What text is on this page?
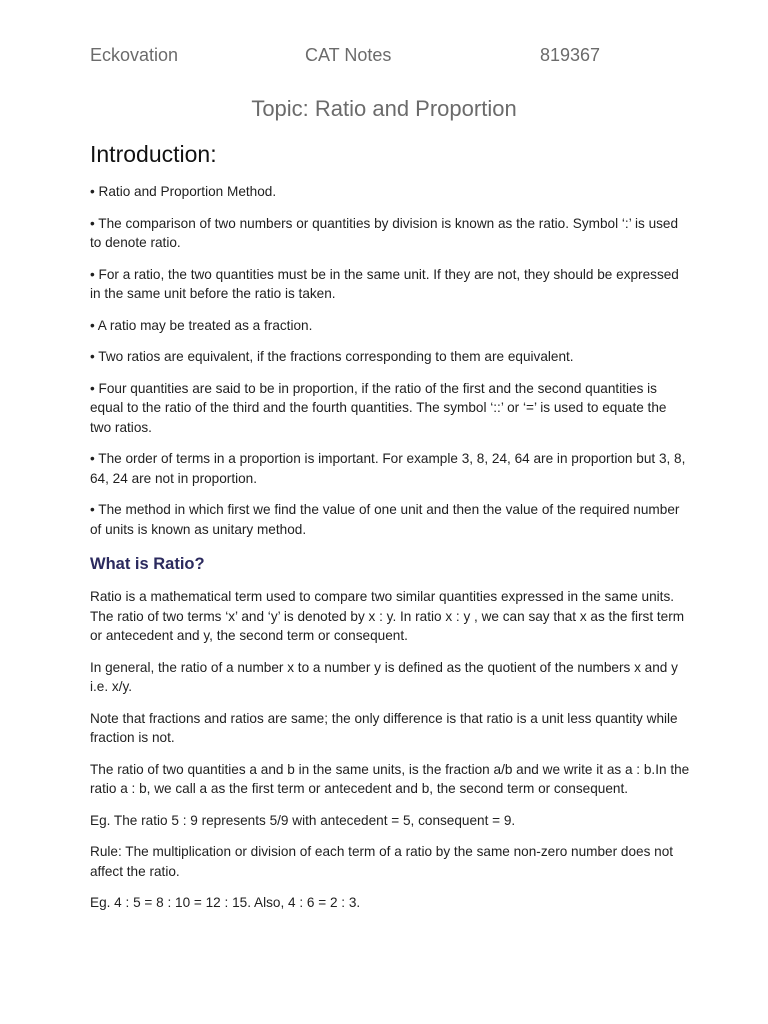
Eckovation	CAT Notes	819367
Topic: Ratio and Proportion
Introduction:

• Ratio and Proportion Method.

• The comparison of two numbers or quantities by division is known as the ratio. Symbol ‘:’ is used to denote ratio.

• For a ratio, the two quantities must be in the same unit. If they are not, they should be expressed in the same unit before the ratio is taken.

• A ratio may be treated as a fraction.

• Two ratios are equivalent, if the fractions corresponding to them are equivalent.

• Four quantities are said to be in proportion, if the ratio of the first and the second quantities is equal to the ratio of the third and the fourth quantities. The symbol ‘::’ or ‘=’ is used to equate the two ratios.

• The order of terms in a proportion is important. For example 3, 8, 24, 64 are in proportion but 3, 8, 64, 24 are not in proportion.

• The method in which first we find the value of one unit and then the value of the required number of units is known as unitary method.

What is Ratio?

Ratio is a mathematical term used to compare two similar quantities expressed in the same units. The ratio of two terms ‘x’ and ‘y’ is denoted by x : y. In ratio x : y , we can say that x as the first term or antecedent and y, the second term or consequent.

In general, the ratio of a number x to a number y is defined as the quotient of the numbers x and y i.e. x/y.

Note that fractions and ratios are same; the only difference is that ratio is a unit less quantity while fraction is not.

The ratio of two quantities a and b in the same units, is the fraction a/b and we write it as a : b.In the ratio a : b, we call a as the first term or antecedent and b, the second term or consequent.

Eg. The ratio 5 : 9 represents 5/9 with antecedent = 5, consequent = 9.

Rule: The multiplication or division of each term of a ratio by the same non-zero number does not affect the ratio.

Eg. 4 : 5 = 8 : 10 = 12 : 15. Also, 4 : 6 = 2 : 3.
